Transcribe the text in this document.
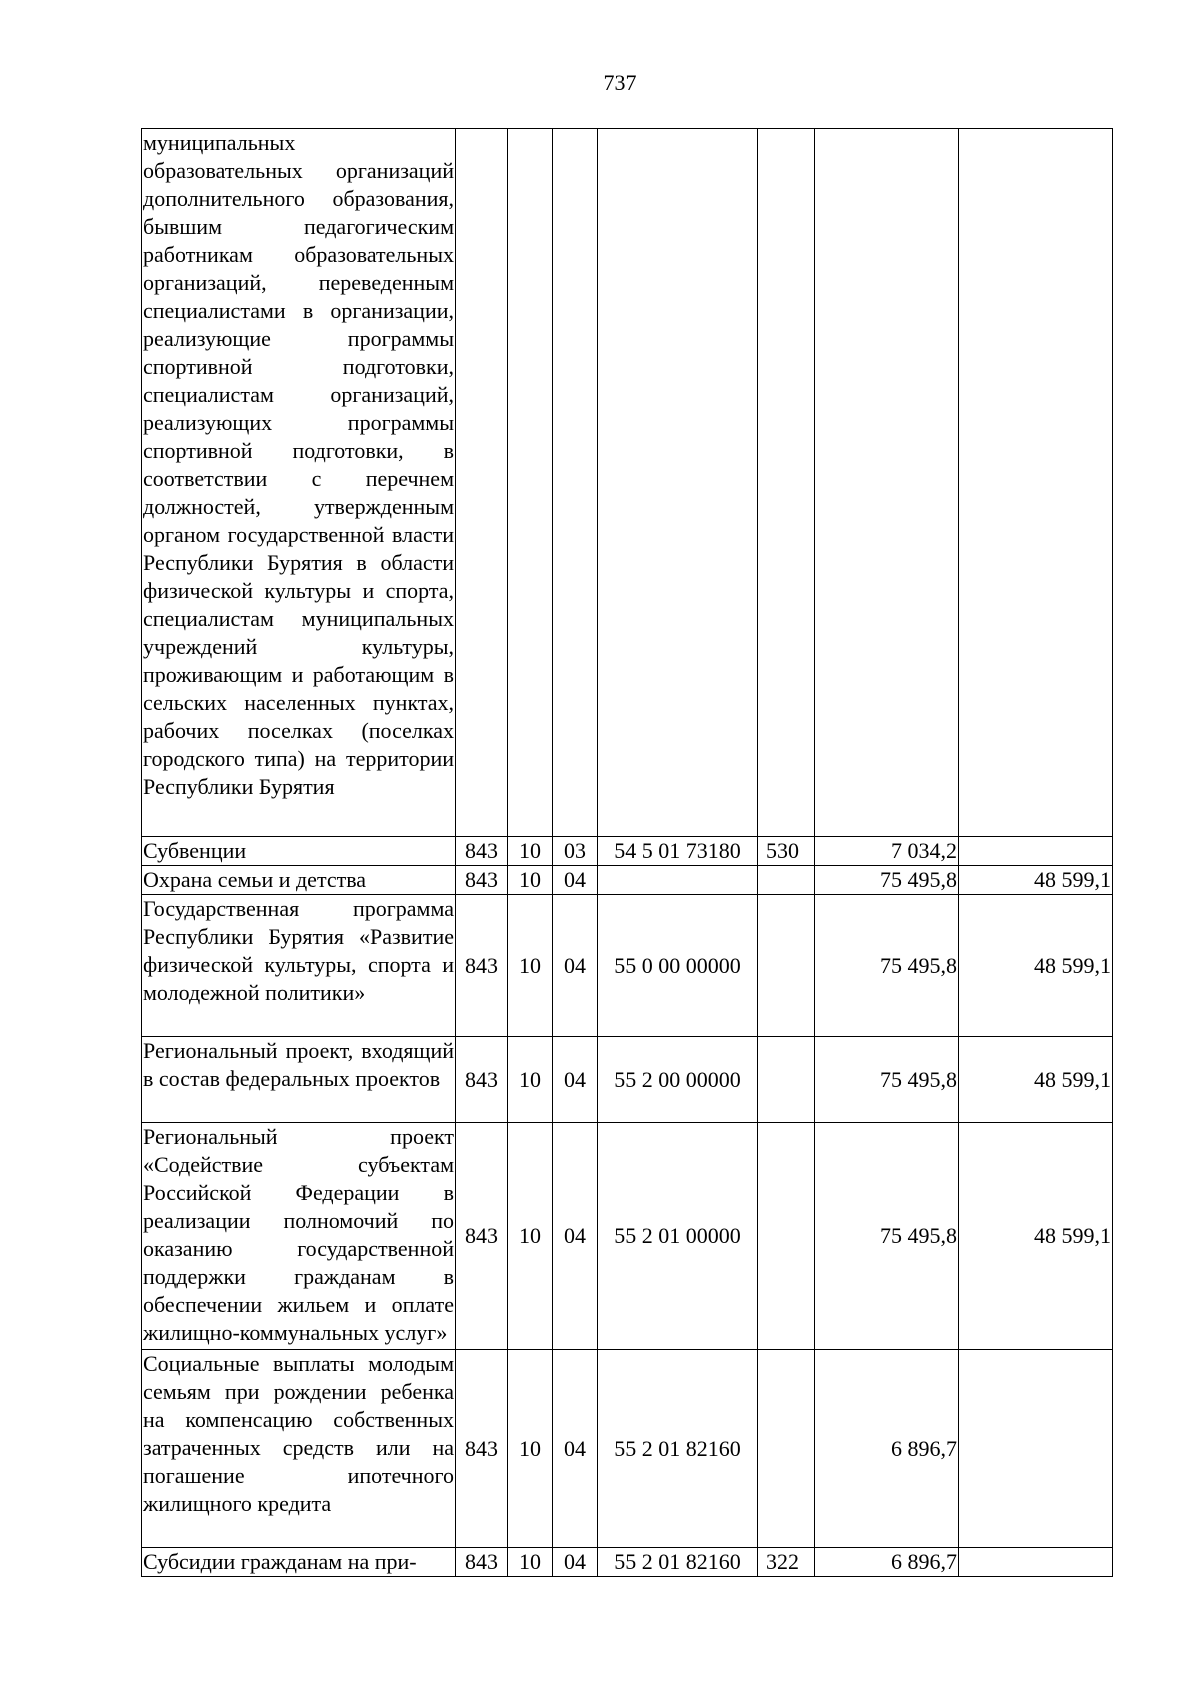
737
муниципальных образовательных организаций дополнительного образования, бывшим педагогическим работникам образовательных организаций, переведенным специалистами в организации, реализующие программы спортивной подготовки, специалистам организаций, реализующих программы спортивной подготовки, в соответствии с перечнем должностей, утвержденным органом государственной власти Республики Бурятия в области физической культуры и спорта, специалистам муниципальных учреждений культуры, проживающим и работающим в сельских населенных пунктах, рабочих поселках (поселках городского типа) на территории Республики Бурятия							
Субвенции	843	10	03	54 5 01 73180	530	7 034,2	
Охрана семьи и детства	843	10	04			75 495,8	48 599,1
Государственная программа Республики Бурятия «Развитие физической культуры, спорта и молодежной политики»	843	10	04	55 0 00 00000		75 495,8	48 599,1
Региональный проект, входящий в состав федеральных проектов	843	10	04	55 2 00 00000		75 495,8	48 599,1
Региональный проект «Содействие субъектам Российской Федерации в реализации полномочий по оказанию государственной поддержки гражданам в обеспечении жильем и оплате жилищно-коммунальных услуг»	843	10	04	55 2 01 00000		75 495,8	48 599,1
Социальные выплаты молодым семьям при рождении ребенка на компенсацию собственных затраченных средств или на погашение ипотечного жилищного кредита	843	10	04	55 2 01 82160		6 896,7	
Субсидии гражданам на при-	843	10	04	55 2 01 82160	322	6 896,7	
